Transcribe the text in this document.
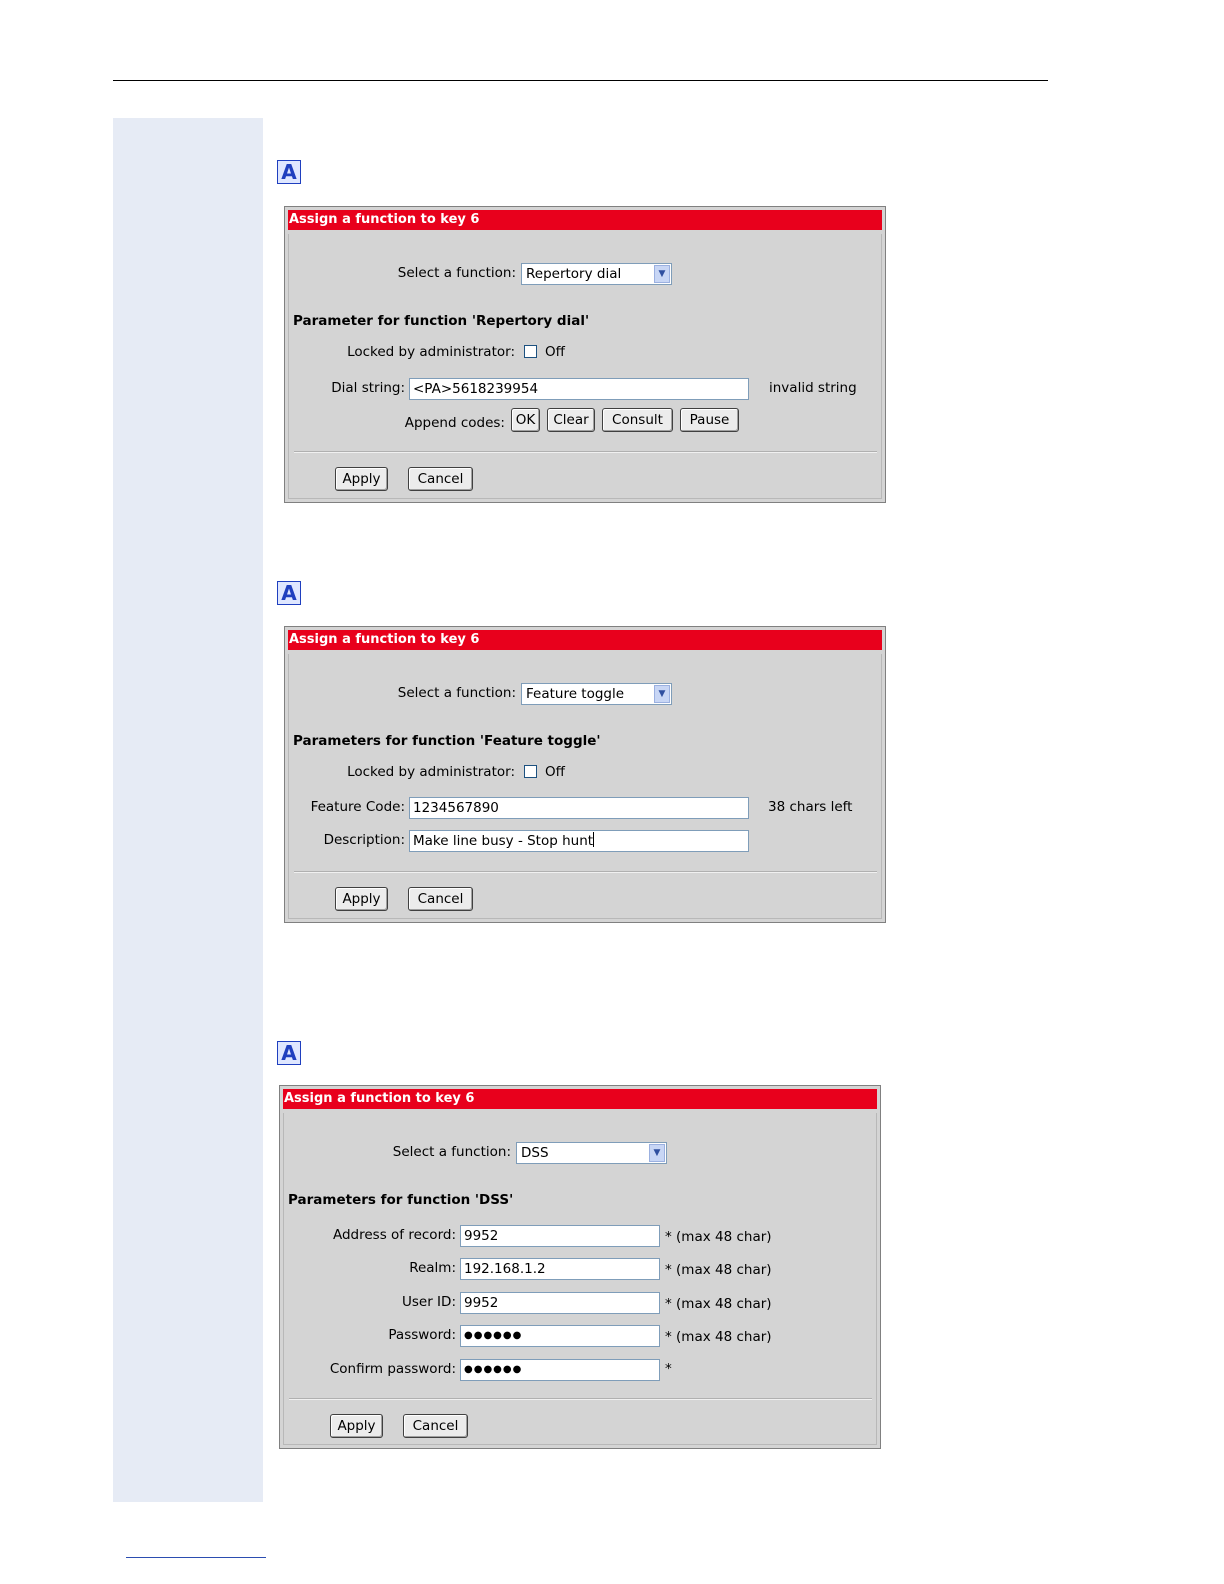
A
Assign a function to key 6
Select a function: Repertory dial	▼
Parameter for function 'Repertory dial'
Locked by administrator: Off
Dial string: <PA>5618239954	invalid string
Append codes: OK	Clear	Consult	Pause
Apply	Cancel
A
Assign a function to key 6
Select a function: Feature toggle	▼
Parameters for function 'Feature toggle'
Locked by administrator: Off
Feature Code: 1234567890	38 chars left
Description: Make line busy - Stop hunt
Apply	Cancel
A
Assign a function to key 6
Select a function: DSS	▼
Parameters for function 'DSS'
Address of record: 9952	* (max 48 char)
Realm: 192.168.1.2	* (max 48 char)
User ID: 9952	* (max 48 char)
Password: ●●●●●●	* (max 48 char)
Confirm password: ●●●●●●	*
Apply	Cancel
